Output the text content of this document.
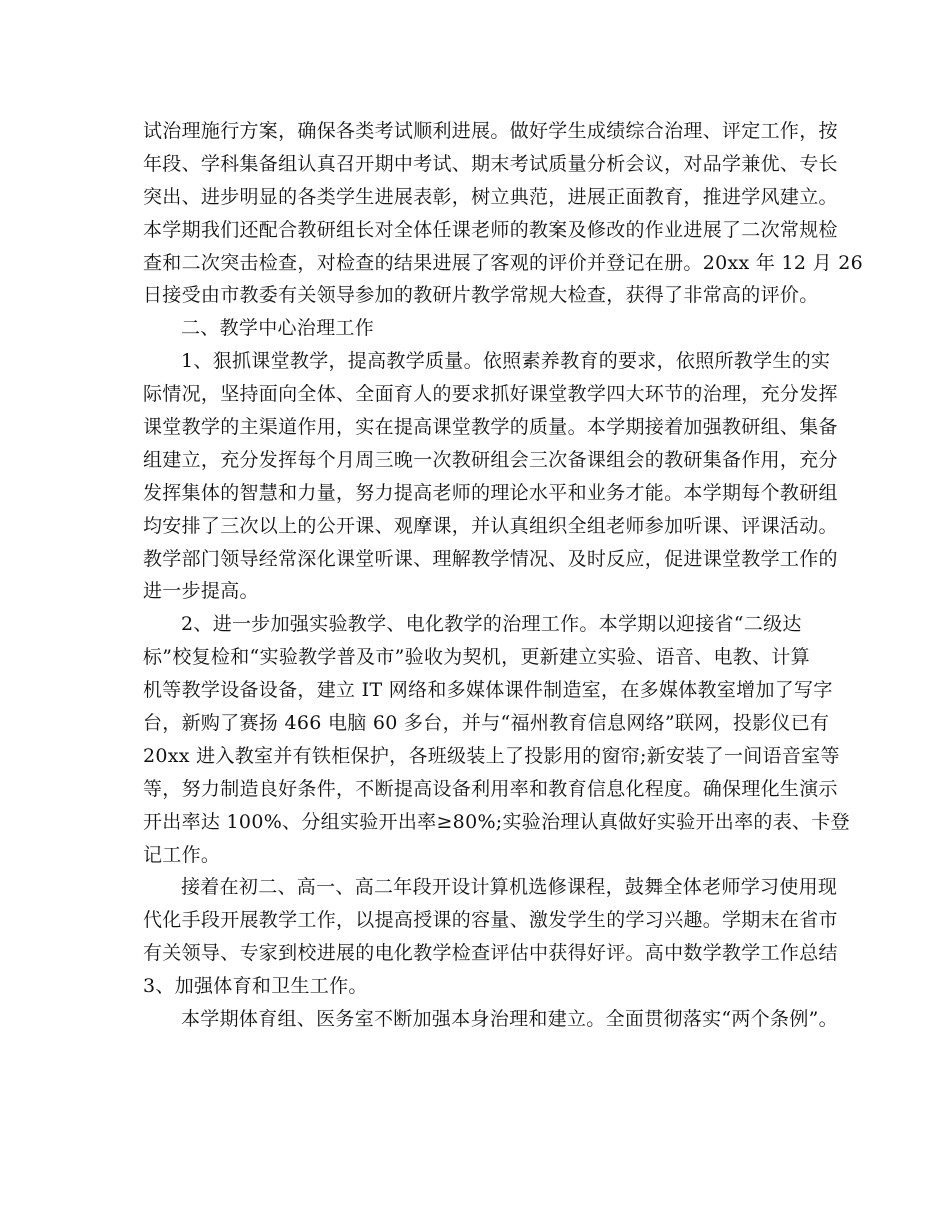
试治理施行方案，确保各类考试顺利进展。做好学生成绩综合治理、评定工作，按
年段、学科集备组认真召开期中考试、期末考试质量分析会议，对品学兼优、专长
突出、进步明显的各类学生进展表彰，树立典范，进展正面教育，推进学风建立。
本学期我们还配合教研组长对全体任课老师的教案及修改的作业进展了二次常规检
查和二次突击检查，对检查的结果进展了客观的评价并登记在册。20xx 年 12 月 26
日接受由市教委有关领导参加的教研片教学常规大检查，获得了非常高的评价。
二、教学中心治理工作
1、狠抓课堂教学，提高教学质量。依照素养教育的要求，依照所教学生的实
际情况，坚持面向全体、全面育人的要求抓好课堂教学四大环节的治理，充分发挥
课堂教学的主渠道作用，实在提高课堂教学的质量。本学期接着加强教研组、集备
组建立，充分发挥每个月周三晚一次教研组会三次备课组会的教研集备作用，充分
发挥集体的智慧和力量，努力提高老师的理论水平和业务才能。本学期每个教研组
均安排了三次以上的公开课、观摩课，并认真组织全组老师参加听课、评课活动。
教学部门领导经常深化课堂听课、理解教学情况、及时反应，促进课堂教学工作的
进一步提高。
2、进一步加强实验教学、电化教学的治理工作。本学期以迎接省“二级达
标”校复检和“实验教学普及市”验收为契机，更新建立实验、语音、电教、计算
机等教学设备设备，建立 IT 网络和多媒体课件制造室，在多媒体教室增加了写字
台，新购了赛扬 466 电脑 60 多台，并与“福州教育信息网络”联网，投影仪已有
20xx 进入教室并有铁柜保护，各班级装上了投影用的窗帘;新安装了一间语音室等
等，努力制造良好条件，不断提高设备利用率和教育信息化程度。确保理化生演示
开出率达 100%、分组实验开出率≥80%;实验治理认真做好实验开出率的表、卡登
记工作。
接着在初二、高一、高二年段开设计算机选修课程，鼓舞全体老师学习使用现
代化手段开展教学工作，以提高授课的容量、激发学生的学习兴趣。学期末在省市
有关领导、专家到校进展的电化教学检查评估中获得好评。高中数学教学工作总结
3、加强体育和卫生工作。
本学期体育组、医务室不断加强本身治理和建立。全面贯彻落实“两个条例”。
